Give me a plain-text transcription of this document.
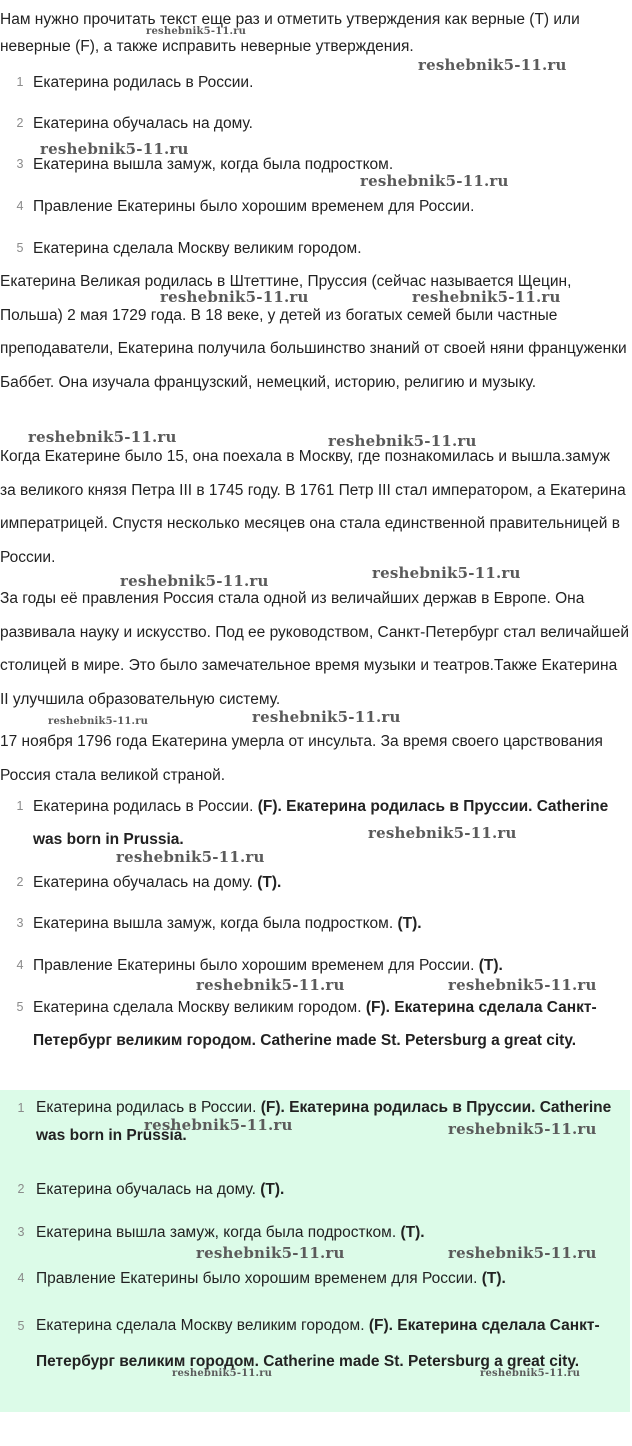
Нам нужно прочитать текст еще раз и отметить утверждения как верные (T) или неверные (F), а также исправить неверные утверждения.

1 Екатерина родилась в России.
2 Екатерина обучалась на дому.
3 Екатерина вышла замуж, когда была подростком.
4 Правление Екатерины было хорошим временем для России.
5 Екатерина сделала Москву великим городом.

Екатерина Великая родилась в Штеттине, Пруссия (сейчас называется Щецин, Польша) 2 мая 1729 года. В 18 веке, у детей из богатых семей были частные преподаватели, Екатерина получила большинство знаний от своей няни француженки Баббет. Она изучала французский, немецкий, историю, религию и музыку.

Когда Екатерине было 15, она поехала в Москву, где познакомилась и вышла.замуж за великого князя Петра III в 1745 году. В 1761 Петр III стал императором, а Екатерина императрицей. Спустя несколько месяцев она стала единственной правительницей в России.

За годы её правления Россия стала одной из величайших держав в Европе. Она развивала науку и искусство. Под ее руководством, Санкт-Петербург стал величайшей столицей в мире. Это было замечательное время музыки и театров.Также Екатерина II улучшила образовательную систему.

17 ноября 1796 года Екатерина умерла от инсульта. За время своего царствования Россия стала великой страной.

1 Екатерина родилась в России. (F). Екатерина родилась в Пруссии. Catherine was born in Prussia.
2 Екатерина обучалась на дому. (T).
3 Екатерина вышла замуж, когда была подростком. (T).
4 Правление Екатерины было хорошим временем для России. (T).
5 Екатерина сделала Москву великим городом. (F). Екатерина сделала Санкт-Петербург великим городом. Catherine made St. Petersburg a great city.
1 Екатерина родилась в России. (F). Екатерина родилась в Пруссии. Catherine was born in Prussia.
2 Екатерина обучалась на дому. (T).
3 Екатерина вышла замуж, когда была подростком. (T).
4 Правление Екатерины было хорошим временем для России. (T).
5 Екатерина сделала Москву великим городом. (F). Екатерина сделала Санкт-Петербург великим городом. Catherine made St. Petersburg a great city.
reshebnik5-11.ru
reshebnik5-11.ru
reshebnik5-11.ru
reshebnik5-11.ru
reshebnik5-11.ru	reshebnik5-11.ru
reshebnik5-11.ru	reshebnik5-11.ru
reshebnik5-11.ru
reshebnik5-11.ru
reshebnik5-11.ru	reshebnik5-11.ru
reshebnik5-11.ru
reshebnik5-11.ru
reshebnik5-11.ru	reshebnik5-11.ru
reshebnik5-11.ru	reshebnik5-11.ru
reshebnik5-11.ru	reshebnik5-11.ru
reshebnik5-11.ru	reshebnik5-11.ru
